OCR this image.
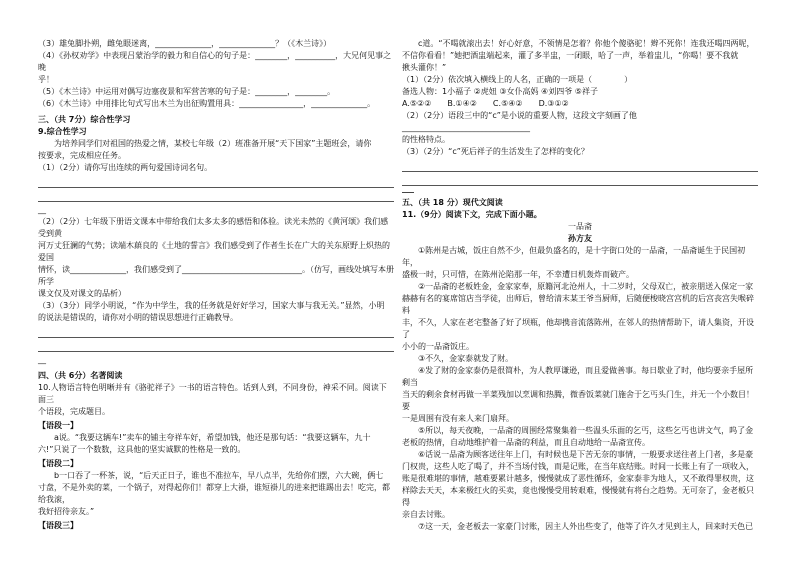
（3）雄兔脚扑朔，雌兔眼迷离，______________，______________？（《木兰诗》）

（4）《孙权劝学》中表现吕蒙治学的毅力和自信心的句子是：________，__________，大兄何见事之晚

乎！

（5）《木兰诗》中运用对偶写边塞夜景和军营苦寒的句子是：________，________。

（6）《木兰诗》中用排比句式写出木兰为出征购置用具：________________，______________。

三、（共 7分）综合性学习

9.综合性学习

为培养同学们对祖国的热爱之情，某校七年级（2）班准备开展“天下国家”主题班会，请你

按要求，完成相应任务。

（1）（2分）请你写出连续的两句爱国诗词名句。

__

（2）（2分）七年级下册语文课本中带给我们太多太多的感悟和体验。读光未然的《黄河颂》我们感受到黄

河万丈狂澜的气势；读端木蕻良的《土地的誓言》我们感受到了作者生长在广大的关东原野上炽热的爱国

情怀，读______________，我们感受到了______________________________。（仿写，画线处填写本册所学

课文仅及对课文的品析）

（3）（3分）同学小明说，“作为中学生，我的任务就是好好学习，国家大事与我无关。”显然，小明

的说法是错误的，请你对小明的错误思想进行正确教导。

__

四、（共 6分）名著阅读

10.人物语言特色明晰并有《骆驼祥子》一书的语言特色。话到人到，不同身份，神采不同。阅读下面三

个语段，完成题目。

【语段一】

a说。“我要这辆车!”卖车的铺主夸祥车好，希望加钱，他还是那句话：“我要这辆车，九十

六!”只说了一个数数，这具他的坚实诚默的性格是一致的。

【语段二】

b一口吞了一杯茶，说，“后天正日子，谁也不准拉车，早八点半，先给你们摆，六大碗，俩七

寸盘，不是外卖的菜，一个锅子，对得起你们！都穿上大褂，谁短褂儿的进来把谁踢出去！吃完，都给我滚，

我好招待亲友。”

【语段三】

c道。“不喝就滚出去！好心好意，不领情是怎着？你他个傻骆驼！辫不死你！连我还喝四两呢，

不信你看看！”她把酒盅端起来，灌了多半盅，一闭眼，哈了一声，举着盅儿，“你喝！要不我就

揪头灌你！”

（1）（2分）依次填入横线上的人名，正确的一项是（　　　　）

备选人物：1小福子 ②虎妞 ③女仆高妈 ④刘四爷 ⑤祥子

A.⑤②②　　B.①④②　　C.⑤④②　　D.③①②

（2）（2分）语段三中的“c”是小说的重要人物，这段文字刻画了他________________________________

的性格特点。

（3）（2分）“c”死后祥子的生活发生了怎样的变化？

五、（共 18 分）现代文阅读

11.（9分）阅读下文，完成下面小题。

一品斋

孙方友

①陈州是古城，饭庄自然不少，但最负盛名的，是十字街口处的一品斋，一品斋诞生于民国初年，

盛极一时，只可惜，在陈州沦陷那一年，不幸遭日机轰炸而破产。

②一品斋的老板姓金，金家家奉，原籍河北沧州人，十二岁时，父母双亡，被亲朋送入保定一家

赫赫有名的宴席馆店当学徒，出师后，曾给清末某王爷当厨师，后随便梭晓宫宫机的后宫丧宫失喉碎料

丰，不久，人家在老宅整备了好了坝瓶，他却携音流落陈州，在邻人的热情帮助下，请人集资，开设了

小小的一品斋饭庄。

③不久，金家泰就发了财。

④发了财的金家泰仍是很简朴，为人教厚谦逊，而且爱做善事。每日歇业了时，他均要亲手屋所剩当

当天的剩余食材再做一半菜残加以烹调和热腾，微香饭菜就门施舍于乞丐头门生，并无一个小数目！要

一是周围有没有来人来门扇拜。

⑤所以，每天夜晚，一品斋的周围经常聚集着一些温头乐面的乞丐，这些乞丐也讲文气，呜了金

老板的热情，自动地维护着一品斋的利益，而且自动地给一品斋宣传。

⑥话说一品斋为顾客送往年上门，有时候也是下苦无奈的事情，一般要求送往者上门者，多是豪

门权贵，这些人吃了喝了，并不当场付钱，而是记账，在当年底结账。时间一长账上有了一项收入，

账是很难堪的事情，越难要累计越多，慢慢就成了恶性循环，金家泰非为地人，又不敢得罪权贵，这

样除去天天，本来极红火的买卖，竟也慢慢受用转艰难，慢慢就有将台之趋势。无可奈了，金老板只得

亲自去讨账。

⑦这一天，金老板去一家豪门讨账，因主人外出些变了，他等了许久才见到主人，回来时天色已
